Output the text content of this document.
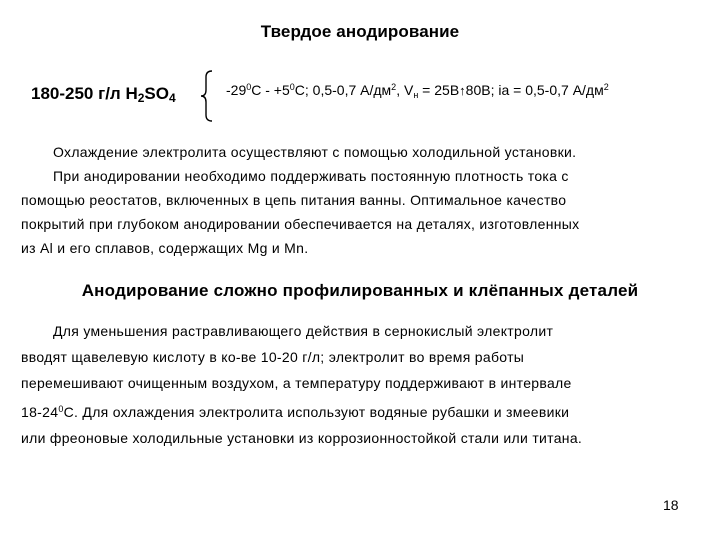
Твердое анодирование
180-250 г/л $H_2SO_4$	$-29^0С - +5^0С$; 0,5-0,7 $А/дм^2$, $V_н$ = 25В↑80В; iа = 0,5-0,7 $А/дм^2$
Охлаждение электролита осуществляют с помощью холодильной установки.
При анодировании необходимо поддерживать постоянную плотность тока с
помощью реостатов, включенных в цепь питания ванны. Оптимальное качество
покрытий при глубоком анодировании обеспечивается на деталях, изготовленных
из Al и его сплавов, содержащих Mg и Mn.
Анодирование сложно профилированных и клёпанных деталей
Для уменьшения растравливающего действия в сернокислый электролит
вводят щавелевую кислоту в ко-ве 10-20 г/л; электролит во время работы
перемешивают очищенным воздухом, а температуру поддерживают в интервале
$18-24^0С$. Для охлаждения электролита используют водяные рубашки и змеевики
или фреоновые холодильные установки из коррозионностойкой стали или титана.
18
